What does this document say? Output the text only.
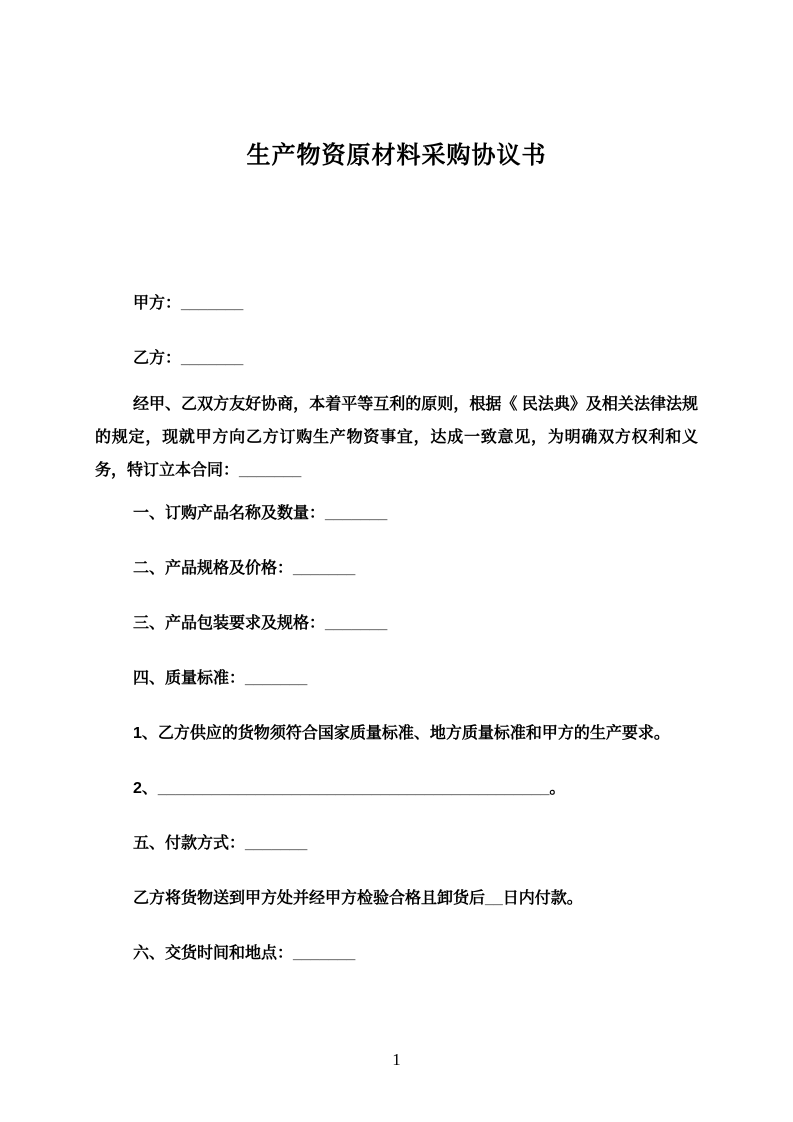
生产物资原材料采购协议书

甲方：_______

乙方：_______

经甲、乙双方友好协商，本着平等互利的原则，根据《 民法典》及相关法律法规的规定，现就甲方向乙方订购生产物资事宜，达成一致意见，为明确双方权利和义务，特订立本合同：_______

一、订购产品名称及数量：_______

二、产品规格及价格：_______

三、产品包装要求及规格：_______

四、质量标准：_______

1、乙方供应的货物须符合国家质量标准、地方质量标准和甲方的生产要求。

2、____________________________________________。

五、付款方式：_______

乙方将货物送到甲方处并经甲方检验合格且卸货后__日内付款。

六、交货时间和地点：_______

1
